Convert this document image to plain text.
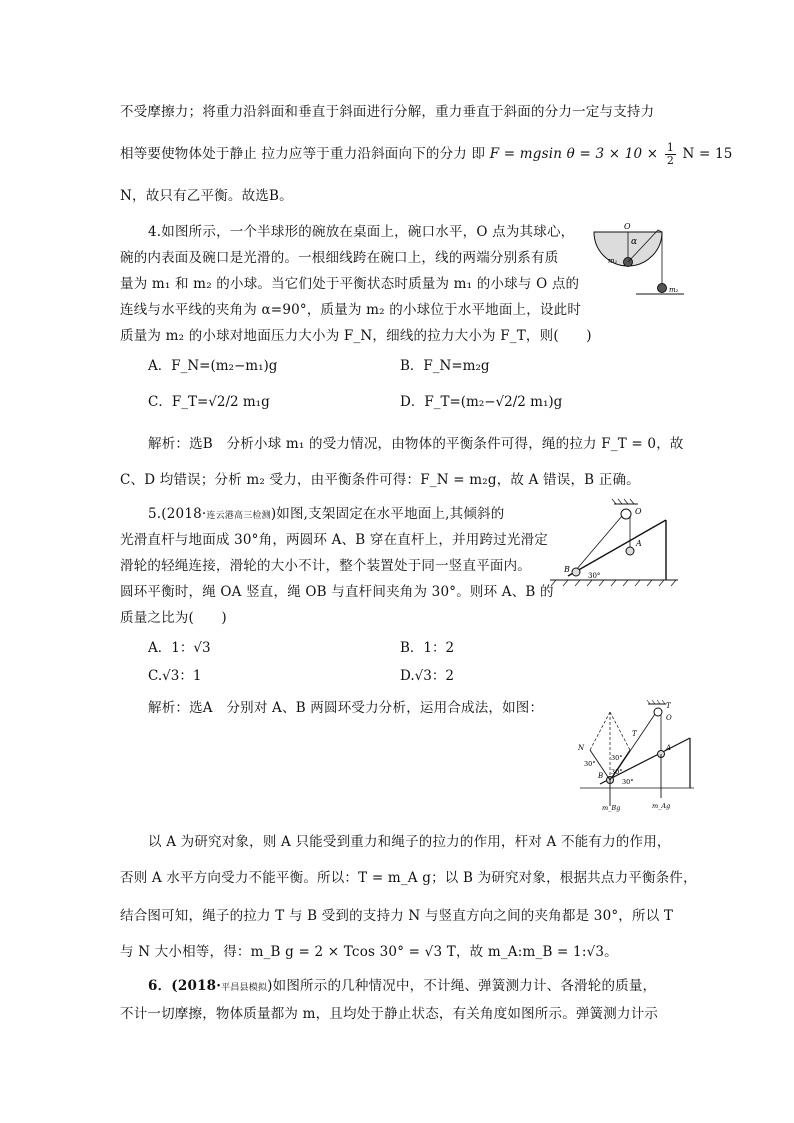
不受摩擦力；将重力沿斜面和垂直于斜面进行分解，重力垂直于斜面的分力一定与支持力
相等要使物体处于静止 拉力应等于重力沿斜面向下的分力 即 F = mgsin $\theta = 3 \times 10 \times \frac{1}{2}$ N = 15
N，故只有乙平衡。故选B。
4.如图所示，一个半球形的碗放在桌面上，碗口水平，O 点为其球心，
碗的内表面及碗口是光滑的。一根细线跨在碗口上，线的两端分别系有质
量为 m₁ 和 m₂ 的小球。当它们处于平衡状态时质量为 m₁ 的小球与 O 点的
连线与水平线的夹角为 α=90°，质量为 m₂ 的小球位于水平地面上，设此时
质量为 m₂ 的小球对地面压力大小为 F_N，细线的拉力大小为 F_T，则(　　)
A．F_N=(m₂−m₁)g	B．F_N=m₂g
C．F_T=√2/2 m₁g	D．F_T=(m₂−√2/2 m₁)g
解析：选B　分析小球 m₁ 的受力情况，由物体的平衡条件可得，绳的拉力 F_T = 0，故
C、D 均错误；分析 m₂ 受力，由平衡条件可得：F_N = m₂g，故 A 错误，B 正确。
5.(2018·连云港高三检测)如图,支架固定在水平地面上,其倾斜的
光滑直杆与地面成 30°角，两圆环 A、B 穿在直杆上，并用跨过光滑定
滑轮的轻绳连接，滑轮的大小不计，整个装置处于同一竖直平面内。
圆环平衡时，绳 OA 竖直，绳 OB 与直杆间夹角为 30°。则环 A、B 的
质量之比为(　　)
A．1：√3	B．1：2
C.√3：1	D.√3：2
解析：选A　分别对 A、B 两圆环受力分析，运用合成法，如图：
以 A 为研究对象，则 A 只能受到重力和绳子的拉力的作用，杆对 A 不能有力的作用，
否则 A 水平方向受力不能平衡。所以：T = m_A g；以 B 为研究对象，根据共点力平衡条件，
结合图可知，绳子的拉力 T 与 B 受到的支持力 N 与竖直方向之间的夹角都是 30°，所以 T
与 N 大小相等，得：m_B g = 2 × Tcos 30° = √3 T，故 m_A:m_B = 1:√3。
6．(2018·平昌县模拟)如图所示的几种情况中，不计绳、弹簧测力计、各滑轮的质量，
不计一切摩擦，物体质量都为 m，且均处于静止状态，有关角度如图所示。弹簧测力计示
O
α
m₁
m₂
O
A
B
30°
T
O
T
N	A
B
30°
30°
30°
30°
m_Bg	m_Ag
